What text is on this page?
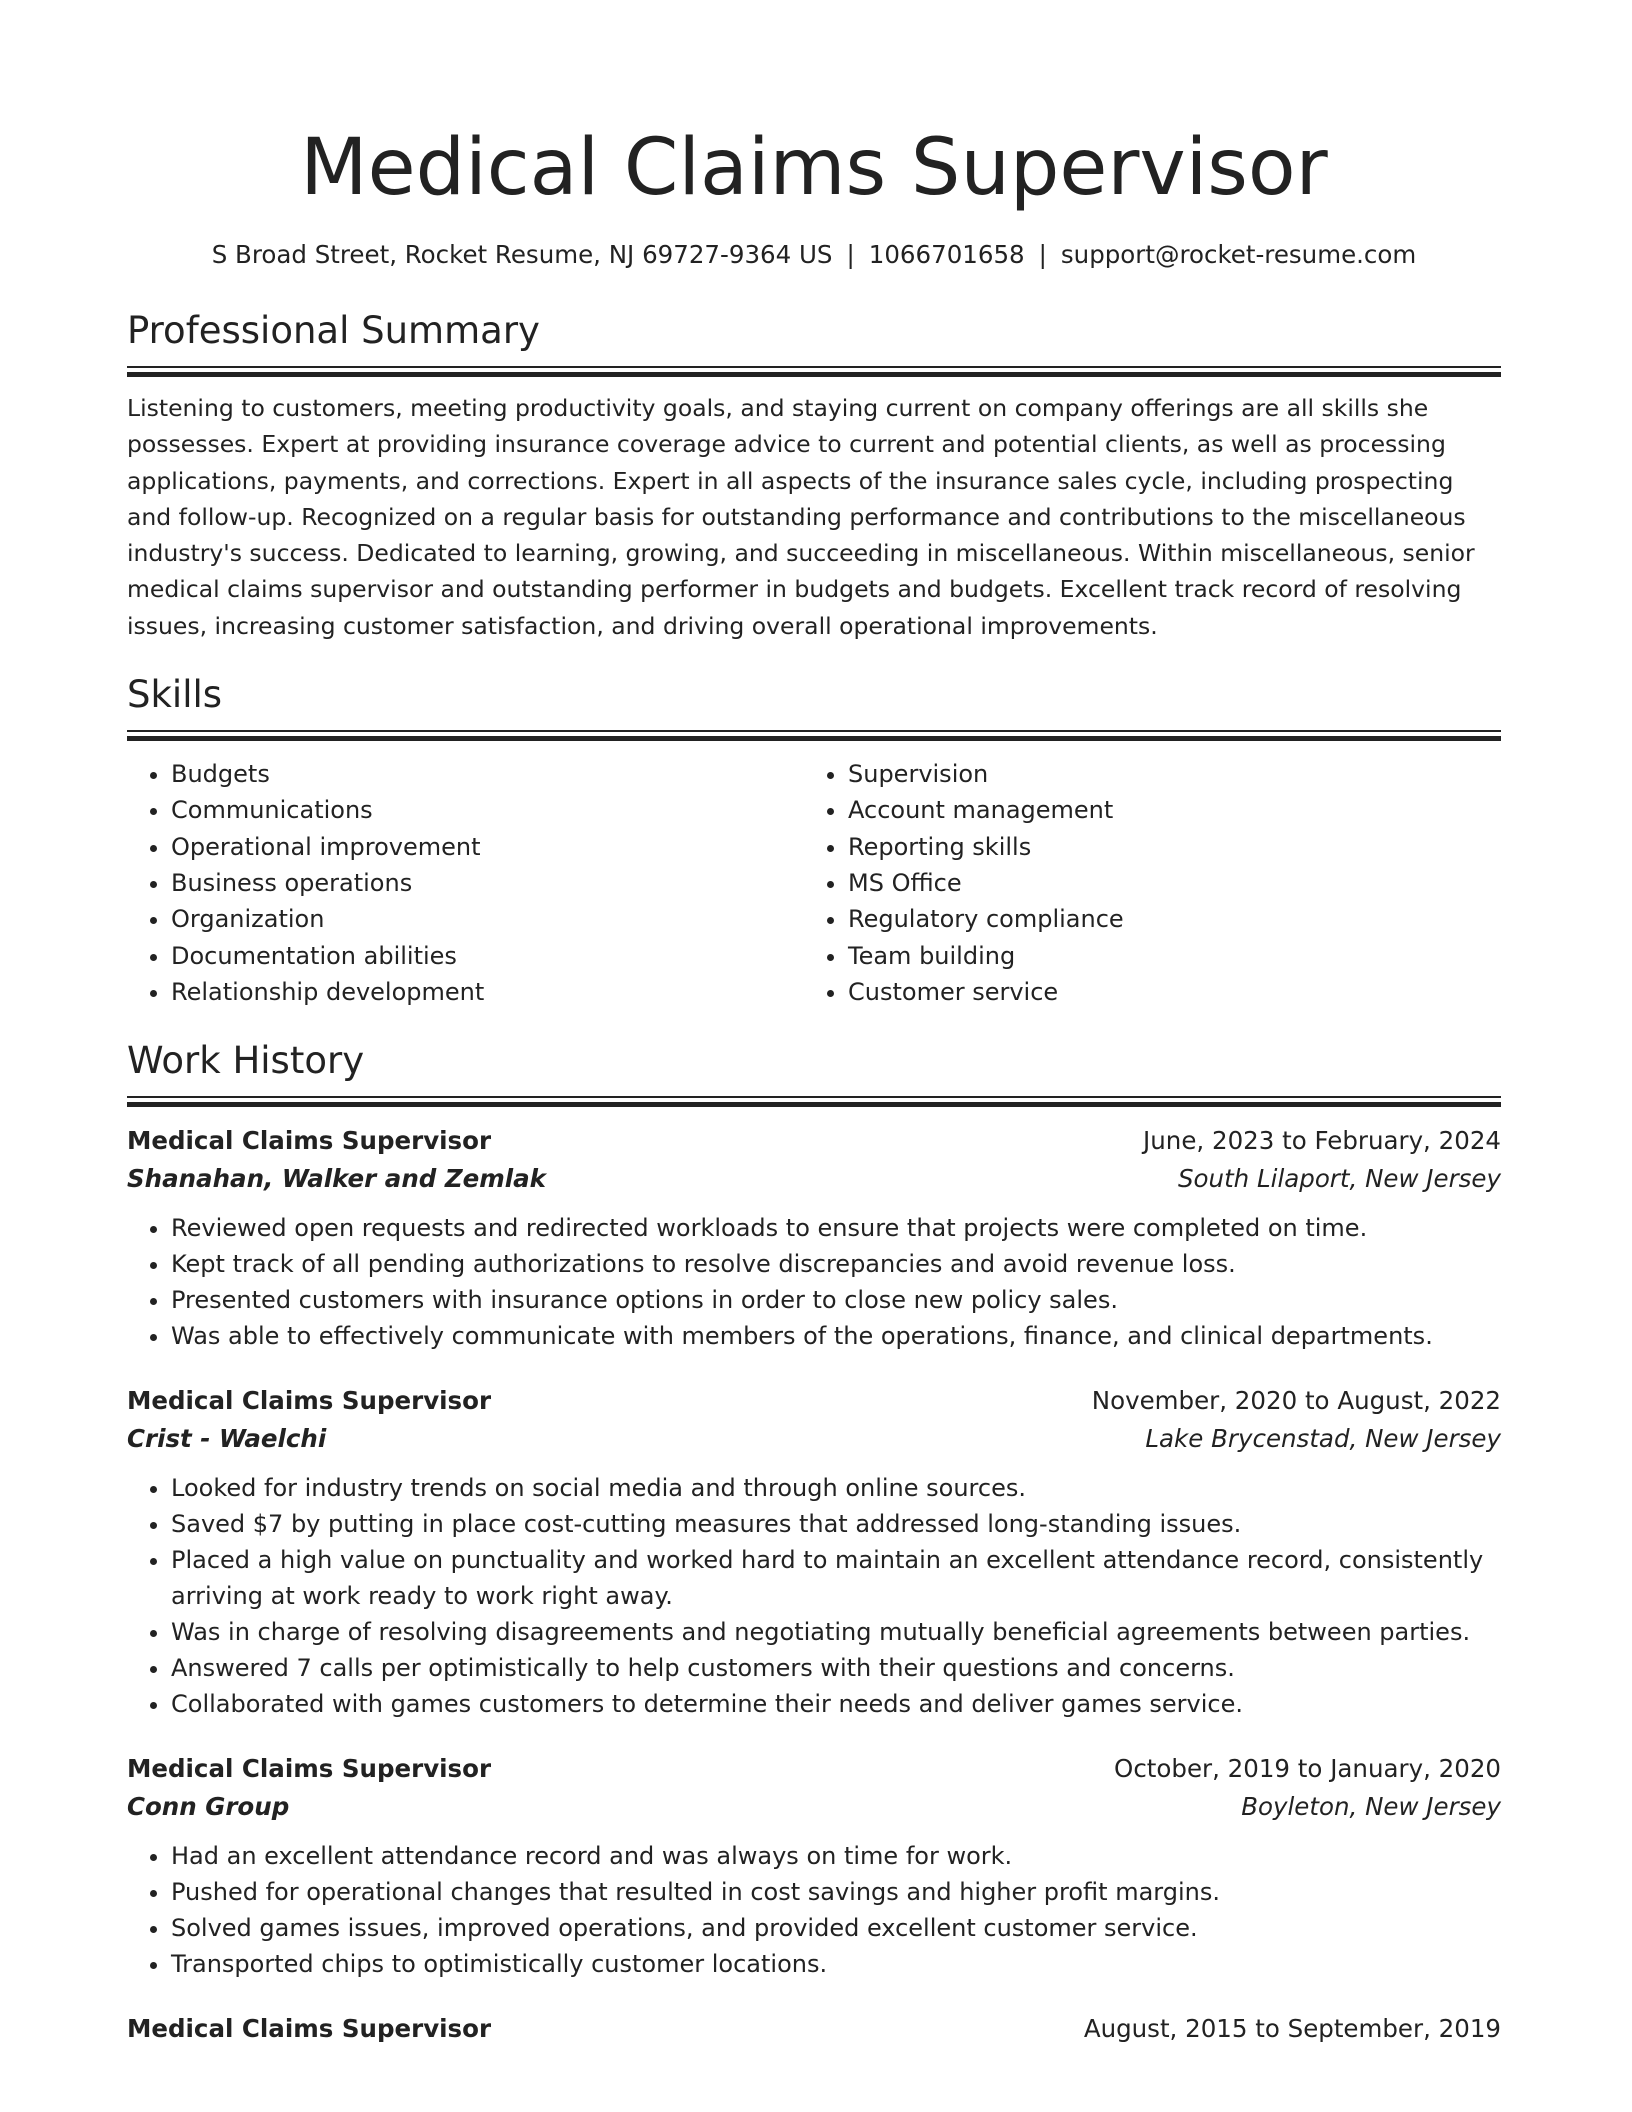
Medical Claims Supervisor
S Broad Street, Rocket Resume, NJ 69727-9364 US | 1066701658 | support@rocket-resume.com
Professional Summary

Listening to customers, meeting productivity goals, and staying current on company offerings are all skills she possesses. Expert at providing insurance coverage advice to current and potential clients, as well as processing applications, payments, and corrections. Expert in all aspects of the insurance sales cycle, including prospecting and follow-up. Recognized on a regular basis for outstanding performance and contributions to the miscellaneous industry's success. Dedicated to learning, growing, and succeeding in miscellaneous. Within miscellaneous, senior medical claims supervisor and outstanding performer in budgets and budgets. Excellent track record of resolving issues, increasing customer satisfaction, and driving overall operational improvements.

Skills
• Budgets
• Communications
• Operational improvement
• Business operations
• Organization
• Documentation abilities
• Relationship development
• Supervision
• Account management
• Reporting skills
• MS Office
• Regulatory compliance
• Team building
• Customer service
Work History
Medical Claims Supervisor	June, 2023 to February, 2024
Shanahan, Walker and Zemlak	South Lilaport, New Jersey
• Reviewed open requests and redirected workloads to ensure that projects were completed on time.
• Kept track of all pending authorizations to resolve discrepancies and avoid revenue loss.
• Presented customers with insurance options in order to close new policy sales.
• Was able to effectively communicate with members of the operations, finance, and clinical departments.
Medical Claims Supervisor	November, 2020 to August, 2022
Crist - Waelchi	Lake Brycenstad, New Jersey
• Looked for industry trends on social media and through online sources.
• Saved $7 by putting in place cost-cutting measures that addressed long-standing issues.
• Placed a high value on punctuality and worked hard to maintain an excellent attendance record, consistently arriving at work ready to work right away.
• Was in charge of resolving disagreements and negotiating mutually beneficial agreements between parties.
• Answered 7 calls per optimistically to help customers with their questions and concerns.
• Collaborated with games customers to determine their needs and deliver games service.
Medical Claims Supervisor	October, 2019 to January, 2020
Conn Group	Boyleton, New Jersey
• Had an excellent attendance record and was always on time for work.
• Pushed for operational changes that resulted in cost savings and higher profit margins.
• Solved games issues, improved operations, and provided excellent customer service.
• Transported chips to optimistically customer locations.
Medical Claims Supervisor	August, 2015 to September, 2019
